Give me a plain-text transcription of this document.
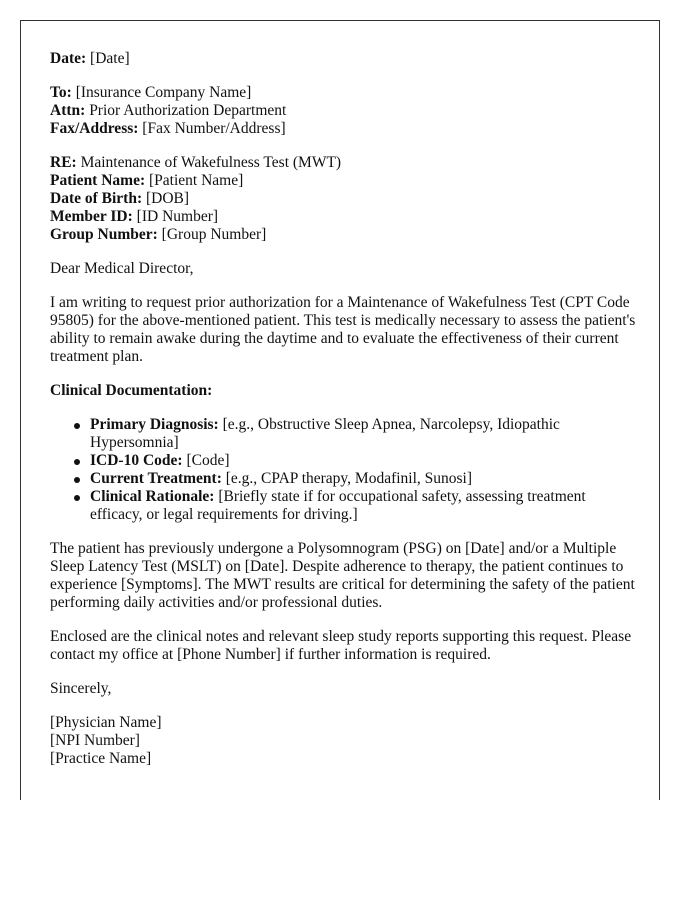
Date: [Date]
To: [Insurance Company Name]
Attn: Prior Authorization Department
Fax/Address: [Fax Number/Address]
RE: Maintenance of Wakefulness Test (MWT)
Patient Name: [Patient Name]
Date of Birth: [DOB]
Member ID: [ID Number]
Group Number: [Group Number]

Dear Medical Director,

I am writing to request prior authorization for a Maintenance of Wakefulness Test (CPT Code 95805) for the above-mentioned patient. This test is medically necessary to assess the patient's ability to remain awake during the daytime and to evaluate the effectiveness of their current treatment plan.

Clinical Documentation:

Primary Diagnosis: [e.g., Obstructive Sleep Apnea, Narcolepsy, Idiopathic Hypersomnia]
ICD-10 Code: [Code]
Current Treatment: [e.g., CPAP therapy, Modafinil, Sunosi]
Clinical Rationale: [Briefly state if for occupational safety, assessing treatment efficacy, or legal requirements for driving.]

The patient has previously undergone a Polysomnogram (PSG) on [Date] and/or a Multiple Sleep Latency Test (MSLT) on [Date]. Despite adherence to therapy, the patient continues to experience [Symptoms]. The MWT results are critical for determining the safety of the patient performing daily activities and/or professional duties.

Enclosed are the clinical notes and relevant sleep study reports supporting this request. Please contact my office at [Phone Number] if further information is required.

Sincerely,

[Physician Name]
[NPI Number]
[Practice Name]
